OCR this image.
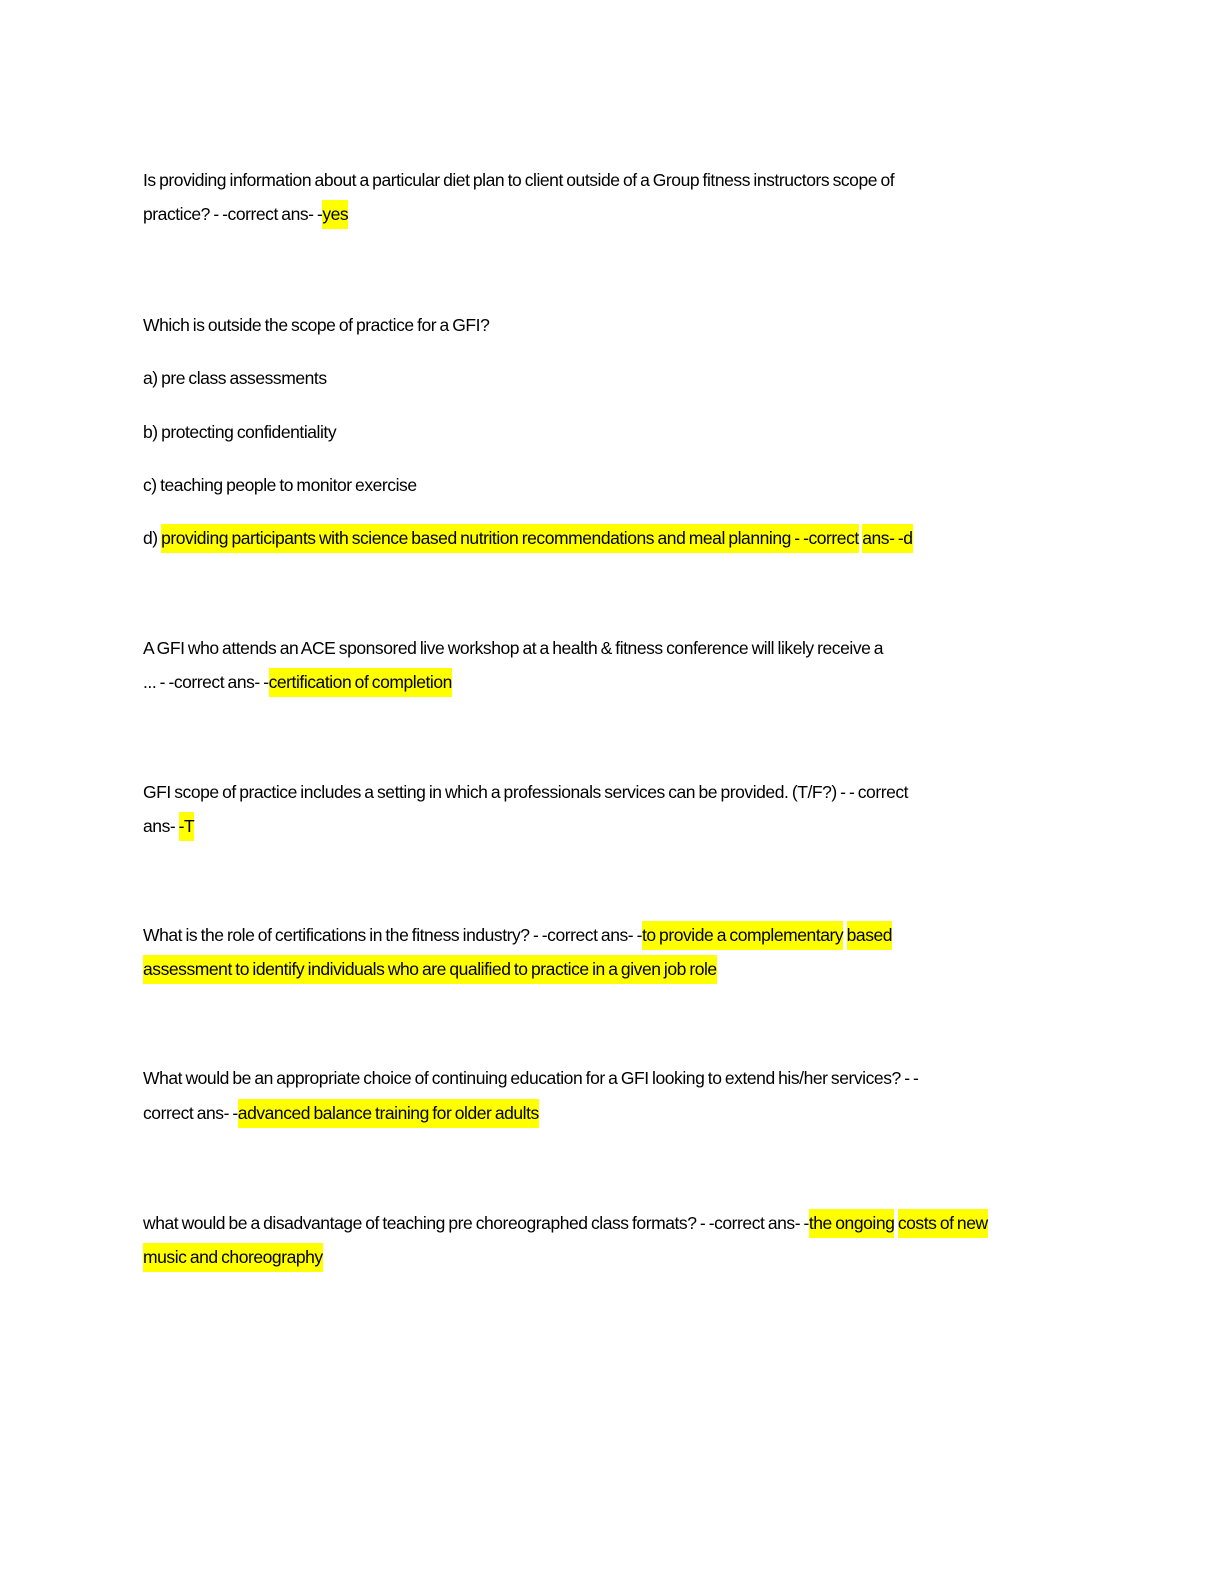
Is providing information about a particular diet plan to client outside of a Group fitness instructors scope of
practice? - -correct ans- -yes
Which is outside the scope of practice for a GFI?
a) pre class assessments
b) protecting confidentiality
c) teaching people to monitor exercise
d) providing participants with science based nutrition recommendations and meal planning - -correct ans- -d
A GFI who attends an ACE sponsored live workshop at a health & fitness conference will likely receive a
... - -correct ans- -certification of completion
GFI scope of practice includes a setting in which a professionals services can be provided. (T/F?) - - correct
ans- -T
What is the role of certifications in the fitness industry? - -correct ans- -to provide a complementary based
assessment to identify individuals who are qualified to practice in a given job role
What would be an appropriate choice of continuing education for a GFI looking to extend his/her services? - -
correct ans- -advanced balance training for older adults
what would be a disadvantage of teaching pre choreographed class formats? - -correct ans- -the ongoing costs of new
music and choreography
